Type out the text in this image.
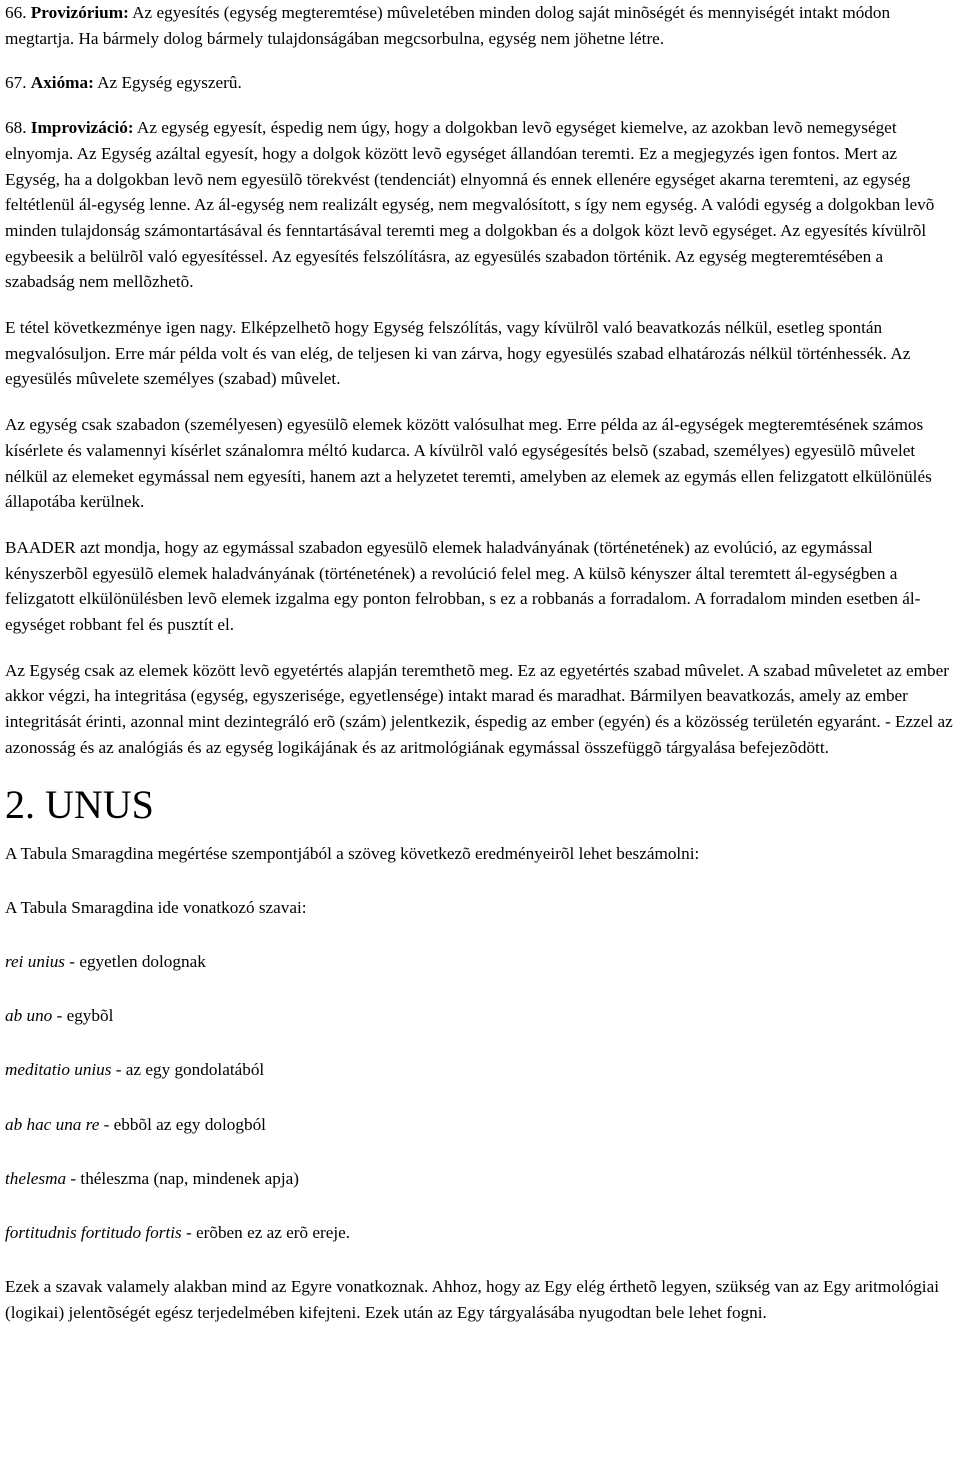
66. Provizórium: Az egyesítés (egység megteremtése) mûveletében minden dolog saját minõségét és mennyiségét intakt módon megtartja. Ha bármely dolog bármely tulajdonságában megcsorbulna, egység nem jöhetne létre.

67. Axióma: Az Egység egyszerû.

68. Improvizáció: Az egység egyesít, éspedig nem úgy, hogy a dolgokban levõ egységet kiemelve, az azokban levõ nemegységet elnyomja. Az Egység azáltal egyesít, hogy a dolgok között levõ egységet állandóan teremti. Ez a megjegyzés igen fontos. Mert az Egység, ha a dolgokban levõ nem egyesülõ törekvést (tendenciát) elnyomná és ennek ellenére egységet akarna teremteni, az egység feltétlenül ál-egység lenne. Az ál-egység nem realizált egység, nem megvalósított, s így nem egység. A valódi egység a dolgokban levõ minden tulajdonság számontartásával és fenntartásával teremti meg a dolgokban és a dolgok közt levõ egységet. Az egyesítés kívülrõl egybeesik a belülrõl való egyesítéssel. Az egyesítés felszólításra, az egyesülés szabadon történik. Az egység megteremtésében a szabadság nem mellõzhetõ.

E tétel következménye igen nagy. Elképzelhetõ hogy Egység felszólítás, vagy kívülrõl való beavatkozás nélkül, esetleg spontán megvalósuljon. Erre már példa volt és van elég, de teljesen ki van zárva, hogy egyesülés szabad elhatározás nélkül történhessék. Az egyesülés mûvelete személyes (szabad) mûvelet.

Az egység csak szabadon (személyesen) egyesülõ elemek között valósulhat meg. Erre példa az ál-egységek megteremtésének számos kísérlete és valamennyi kísérlet szánalomra méltó kudarca. A kívülrõl való egységesítés belsõ (szabad, személyes) egyesülõ mûvelet nélkül az elemeket egymással nem egyesíti, hanem azt a helyzetet teremti, amelyben az elemek az egymás ellen felizgatott elkülönülés állapotába kerülnek.

BAADER azt mondja, hogy az egymással szabadon egyesülõ elemek haladványának (történetének) az evolúció, az egymással kényszerbõl egyesülõ elemek haladványának (történetének) a revolúció felel meg. A külsõ kényszer által teremtett ál-egységben a felizgatott elkülönülésben levõ elemek izgalma egy ponton felrobban, s ez a robbanás a forradalom. A forradalom minden esetben ál-egységet robbant fel és pusztít el.

Az Egység csak az elemek között levõ egyetértés alapján teremthetõ meg. Ez az egyetértés szabad mûvelet. A szabad mûveletet az ember akkor végzi, ha integritása (egység, egyszerisége, egyetlensége) intakt marad és maradhat. Bármilyen beavatkozás, amely az ember integritását érinti, azonnal mint dezintegráló erõ (szám) jelentkezik, éspedig az ember (egyén) és a közösség területén egyaránt. - Ezzel az azonosság és az analógiás és az egység logikájának és az aritmológiának egymással összefüggõ tárgyalása befejezõdött.

2. UNUS

A Tabula Smaragdina megértése szempontjából a szöveg következõ eredményeirõl lehet beszámolni:

A Tabula Smaragdina ide vonatkozó szavai:

rei unius - egyetlen dolognak

ab uno - egybõl

meditatio unius - az egy gondolatából

ab hac una re - ebbõl az egy dologból

thelesma - théleszma (nap, mindenek apja)

fortitudnis fortitudo fortis - erõben ez az erõ ereje.

Ezek a szavak valamely alakban mind az Egyre vonatkoznak. Ahhoz, hogy az Egy elég érthetõ legyen, szükség van az Egy aritmológiai (logikai) jelentõségét egész terjedelmében kifejteni. Ezek után az Egy tárgyalásába nyugodtan bele lehet fogni.
